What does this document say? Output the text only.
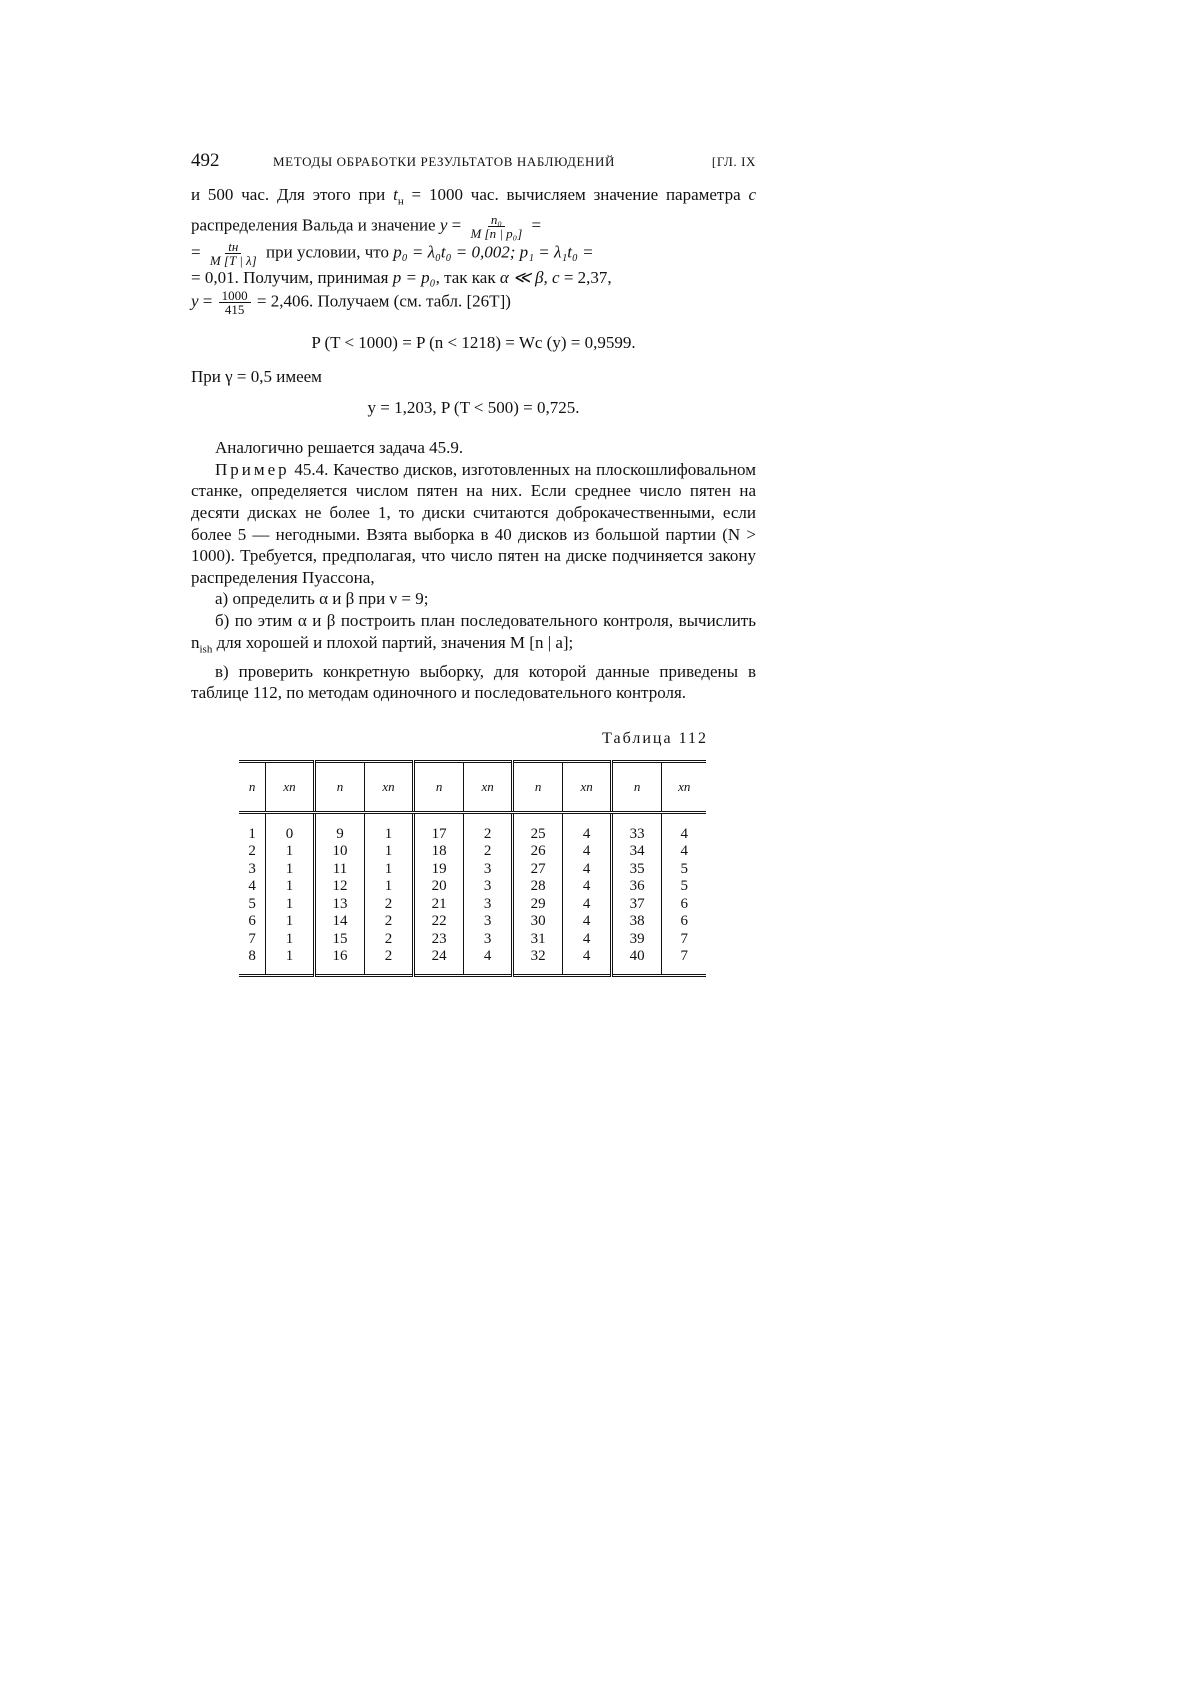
492	МЕТОДЫ ОБРАБОТКИ РЕЗУЛЬТАТОВ НАБЛЮДЕНИЙ	[ГЛ. IX

и 500 час. Для этого при $t_н = 1000$ час. вычисляем значение параметра c распределения Вальда и значение $y = \frac{\text{n₀}}{\text{M [n | p₀]}}$ =
= $\frac{tн}{M [T | \lambda]}$ при условии, что p₀ = λ₀t₀ = 0,002; p₁ = λ₁t₀ =
= 0,01. Получим, принимая p = p₀, так как α ≪ β, c = 2,37,
$y = \frac{1000}{415} = 2,406$. Получаем (см. табл. [26Т])

P (T < 1000) = P (n < 1218) = Wc (y) = 0,9599.

При γ = 0,5 имеем

y = 1,203, P (T < 500) = 0,725.

Аналогично решается задача 45.9.

Пример 45.4. Качество дисков, изготовленных на плоскошлифовальном станке, определяется числом пятен на них. Если среднее число пятен на десяти дисках не более 1, то диски считаются доброкачественными, если более 5 — негодными. Взята выборка в 40 дисков из большой партии (N > 1000). Требуется, предполагая, что число пятен на диске подчиняется закону распределения Пуассона,

а) определить α и β при ν = 9;

б) по этим α и β построить план последовательного контроля, вычислить $n_{ish}$ для хорошей и плохой партий, значения M [n | a];

в) проверить конкретную выборку, для которой данные приведены в таблице 112, по методам одиночного и последовательного контроля.

Таблица 112
n	xn	n	xn	n	xn	n	xn	n	xn
1	0	9	1	17	2	25	4	33	4
2	1	10	1	18	2	26	4	34	4
3	1	11	1	19	3	27	4	35	5
4	1	12	1	20	3	28	4	36	5
5	1	13	2	21	3	29	4	37	6
6	1	14	2	22	3	30	4	38	6
7	1	15	2	23	3	31	4	39	7
8	1	16	2	24	4	32	4	40	7
